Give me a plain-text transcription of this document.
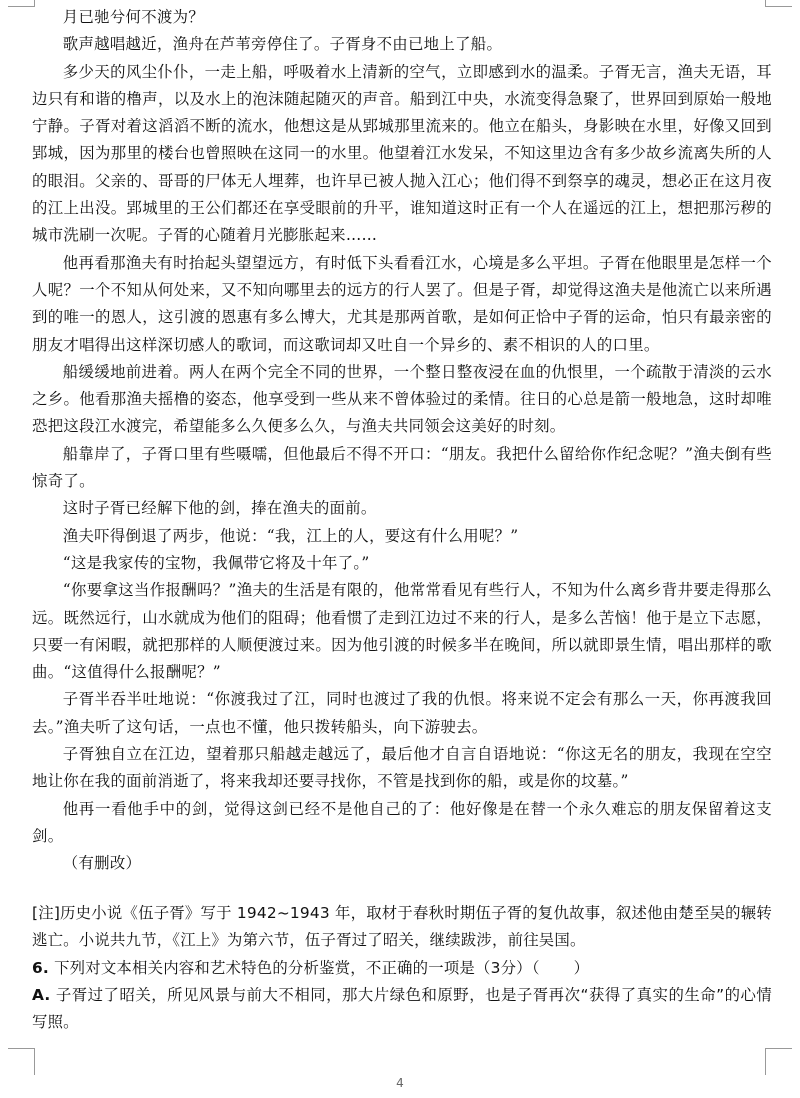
月已驰兮何不渡为？

歌声越唱越近，渔舟在芦苇旁停住了。子胥身不由已地上了船。

多少天的风尘仆仆，一走上船，呼吸着水上清新的空气，立即感到水的温柔。子胥无言，渔夫无语，耳边只有和谐的橹声，以及水上的泡沫随起随灭的声音。船到江中央，水流变得急聚了，世界回到原始一般地宁静。子胥对着这滔滔不断的流水，他想这是从郢城那里流来的。他立在船头，身影映在水里，好像又回到郢城，因为那里的楼台也曾照映在这同一的水里。他望着江水发呆，不知这里边含有多少故乡流离失所的人的眼泪。父亲的、哥哥的尸体无人埋葬，也许早已被人抛入江心；他们得不到祭享的魂灵，想必正在这月夜的江上出没。郢城里的王公们都还在享受眼前的升平，谁知道这时正有一个人在遥远的江上，想把那污秽的城市洗刷一次呢。子胥的心随着月光膨胀起来……

他再看那渔夫有时抬起头望望远方，有时低下头看看江水，心境是多么平坦。子胥在他眼里是怎样一个人呢？一个不知从何处来，又不知向哪里去的远方的行人罢了。但是子胥，却觉得这渔夫是他流亡以来所遇到的唯一的恩人，这引渡的恩惠有多么博大，尤其是那两首歌，是如何正恰中子胥的运命，怕只有最亲密的朋友才唱得出这样深切感人的歌词，而这歌词却又吐自一个异乡的、素不相识的人的口里。

船缓缓地前进着。两人在两个完全不同的世界，一个整日整夜浸在血的仇恨里，一个疏散于清淡的云水之乡。他看那渔夫摇橹的姿态，他享受到一些从来不曾体验过的柔情。往日的心总是箭一般地急，这时却唯恐把这段江水渡完，希望能多么久便多么久，与渔夫共同领会这美好的时刻。

船靠岸了，子胥口里有些嗫嚅，但他最后不得不开口：“朋友。我把什么留给你作纪念呢？”渔夫倒有些惊奇了。

这时子胥已经解下他的剑，捧在渔夫的面前。

渔夫吓得倒退了两步，他说：“我，江上的人，要这有什么用呢？”

“这是我家传的宝物，我佩带它将及十年了。”

“你要拿这当作报酬吗？”渔夫的生活是有限的，他常常看见有些行人，不知为什么离乡背井要走得那么远。既然远行，山水就成为他们的阻碍；他看惯了走到江边过不来的行人，是多么苦恼！他于是立下志愿，只要一有闲暇，就把那样的人顺便渡过来。因为他引渡的时候多半在晚间，所以就即景生情，唱出那样的歌曲。“这值得什么报酬呢？”

子胥半吞半吐地说：“你渡我过了江，同时也渡过了我的仇恨。将来说不定会有那么一天，你再渡我回去。”渔夫听了这句话，一点也不懂，他只拨转船头，向下游驶去。

子胥独自立在江边，望着那只船越走越远了，最后他才自言自语地说：“你这无名的朋友，我现在空空地让你在我的面前消逝了，将来我却还要寻找你，不管是找到你的船，或是你的坟墓。”

他再一看他手中的剑，觉得这剑已经不是他自己的了：他好像是在替一个永久难忘的朋友保留着这支剑。

（有删改）

[注]历史小说《伍子胥》写于 1942~1943 年，取材于春秋时期伍子胥的复仇故事，叙述他由楚至吴的辗转逃亡。小说共九节，《江上》为第六节，伍子胥过了昭关，继续跋涉，前往吴国。

6. 下列对文本相关内容和艺术特色的分析鉴赏，不正确的一项是（3分）（ ）

A. 子胥过了昭关，所见风景与前大不相同，那大片绿色和原野，也是子胥再次“获得了真实的生命”的心情写照。

4
